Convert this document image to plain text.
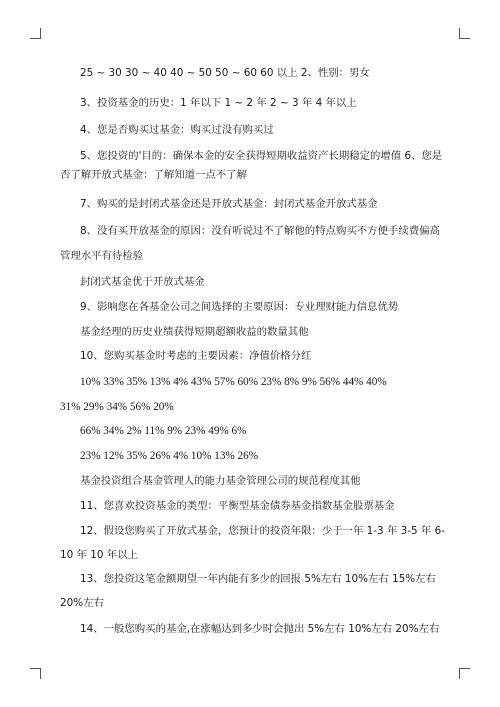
25 ~ 30 30 ~ 40 40 ~ 50 50 ~ 60 60 以上 2、性别：男女
3、投资基金的历史：1 年以下 1 ~ 2 年 2 ~ 3 年 4 年以上
4、您是否购买过基金：购买过没有购买过
5、您投资的'目的：确保本金的安全获得短期收益资产长期稳定的增值 6、您是
否了解开放式基金：了解知道一点不了解
7、购买的是封闭式基金还是开放式基金：封闭式基金开放式基金
8、没有买开放基金的原因：没有听说过不了解他的特点购买不方便手续费偏高
管理水平有待检验
封闭式基金优于开放式基金
9、影响您在各基金公司之间选择的主要原因：专业理财能力信息优势
基金经理的历史业绩获得短期超额收益的数量其他
10、您购买基金时考虑的主要因素：净值价格分红
10% 33% 35% 13% 4% 43% 57% 60% 23% 8% 9% 56% 44% 40%
31% 29% 34% 56% 20%
66% 34% 2% 11% 9% 23% 49% 6%
23% 12% 35% 26% 4% 10% 13% 26%
基金投资组合基金管理人的能力基金管理公司的规范程度其他
11、您喜欢投资基金的类型：平衡型基金债券基金指数基金股票基金
12、假设您购买了开放式基金，您预计的投资年限：少于一年 1-3 年 3-5 年 6-
10 年 10 年以上
13、您投资这笔金额期望一年内能有多少的回报 5%左右 10%左右 15%左右
20%左右
14、一般您购买的基金,在涨幅达到多少时会抛出 5%左右 10%左右 20%左右
